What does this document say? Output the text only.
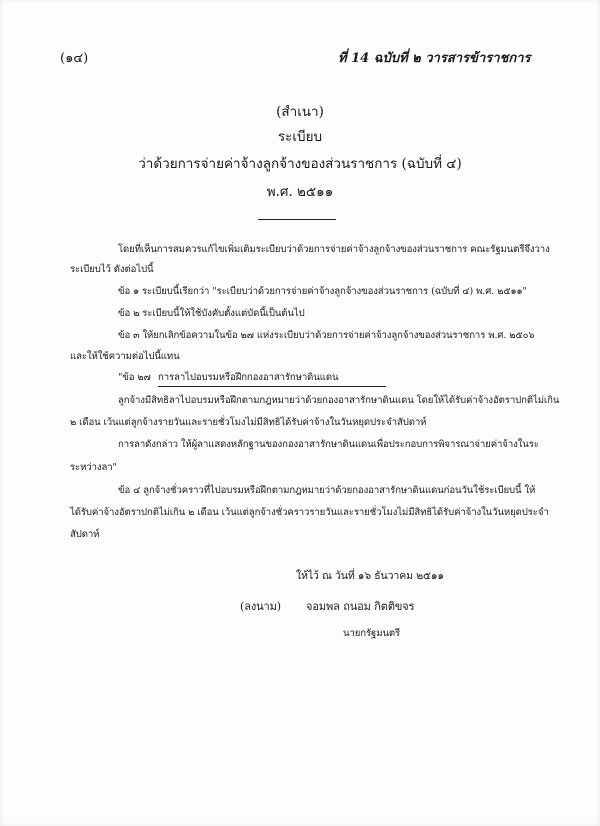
(๑๔)	ที่ 14 ฉบับที่ ๒ วารสารข้าราชการ
(สำเนา)
ระเบียบ
ว่าด้วยการจ่ายค่าจ้างลูกจ้างของส่วนราชการ (ฉบับที่ ๔)
พ.ศ. ๒๕๑๑
โดยที่เห็นการสมควรแก้ไขเพิ่มเติมระเบียบว่าด้วยการจ่ายค่าจ้างลูกจ้างของส่วนราชการ คณะรัฐมนตรีจึงวาง
ระเบียบไว้ ดังต่อไปนี้
ข้อ ๑ ระเบียบนี้เรียกว่า "ระเบียบว่าด้วยการจ่ายค่าจ้างลูกจ้างของส่วนราชการ (ฉบับที่ ๔) พ.ศ. ๒๕๑๑"
ข้อ ๒ ระเบียบนี้ให้ใช้บังคับตั้งแต่บัดนี้เป็นต้นไป
ข้อ ๓ ให้ยกเลิกข้อความในข้อ ๒๗ แห่งระเบียบว่าด้วยการจ่ายค่าจ้างลูกจ้างของส่วนราชการ พ.ศ. ๒๕๐๖
และให้ใช้ความต่อไปนี้แทน
"ข้อ ๒๗ การลาไปอบรมหรือฝึกกองอาสารักษาดินแดน
ลูกจ้างมีสิทธิลาไปอบรมหรือฝึกตามกฎหมายว่าด้วยกองอาสารักษาดินแดน โดยให้ได้รับค่าจ้างอัตราปกติไม่เกิน
๒ เดือน เว้นแต่ลูกจ้างรายวันและรายชั่วโมงไม่มีสิทธิได้รับค่าจ้างในวันหยุดประจำสัปดาห์
การลาดังกล่าว ให้ผู้ลาแสดงหลักฐานของกองอาสารักษาดินแดนเพื่อประกอบการพิจารณาจ่ายค่าจ้างในระ
ระหว่างลา"
ข้อ ๔ ลูกจ้างชั่วคราวที่ไปอบรมหรือฝึกตามกฎหมายว่าด้วยกองอาสารักษาดินแดนก่อนวันใช้ระเบียบนี้ ให้
ได้รับค่าจ้างอัตราปกติไม่เกิน ๒ เดือน เว้นแต่ลูกจ้างชั่วคราวรายวันและรายชั่วโมงไม่มีสิทธิได้รับค่าจ้างในวันหยุดประจำ
สัปดาห์
ให้ไว้ ณ วันที่ ๑๖ ธันวาคม ๒๕๑๑
(ลงนาม) จอมพล ถนอม กิตติขจร
นายกรัฐมนตรี
